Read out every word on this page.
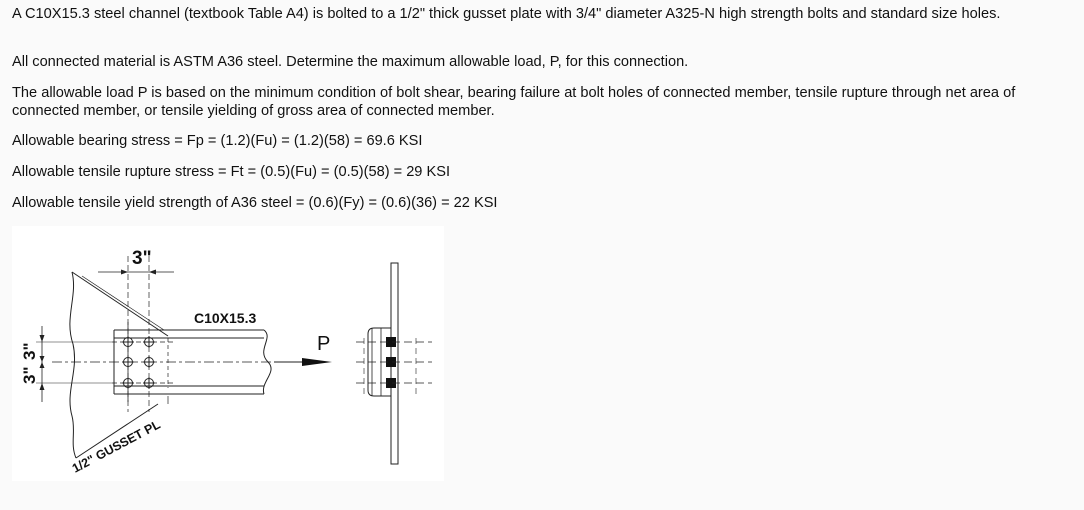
A C10X15.3 steel channel (textbook Table A4) is bolted to a 1/2" thick gusset plate with 3/4" diameter A325-N high strength bolts and standard size holes.

All connected material is ASTM A36 steel. Determine the maximum allowable load, P, for this connection.

The allowable load P is based on the minimum condition of bolt shear, bearing failure at bolt holes of connected member, tensile rupture through net area of connected member, or tensile yielding of gross area of connected member.

Allowable bearing stress = Fp = (1.2)(Fu) = (1.2)(58) = 69.6 KSI

Allowable tensile rupture stress = Ft = (0.5)(Fu) = (0.5)(58) = 29 KSI

Allowable tensile yield strength of A36 steel = (0.6)(Fy) = (0.6)(36) = 22 KSI

3"
3"
3"
C10X15.3
P
1/2" GUSSET PL
